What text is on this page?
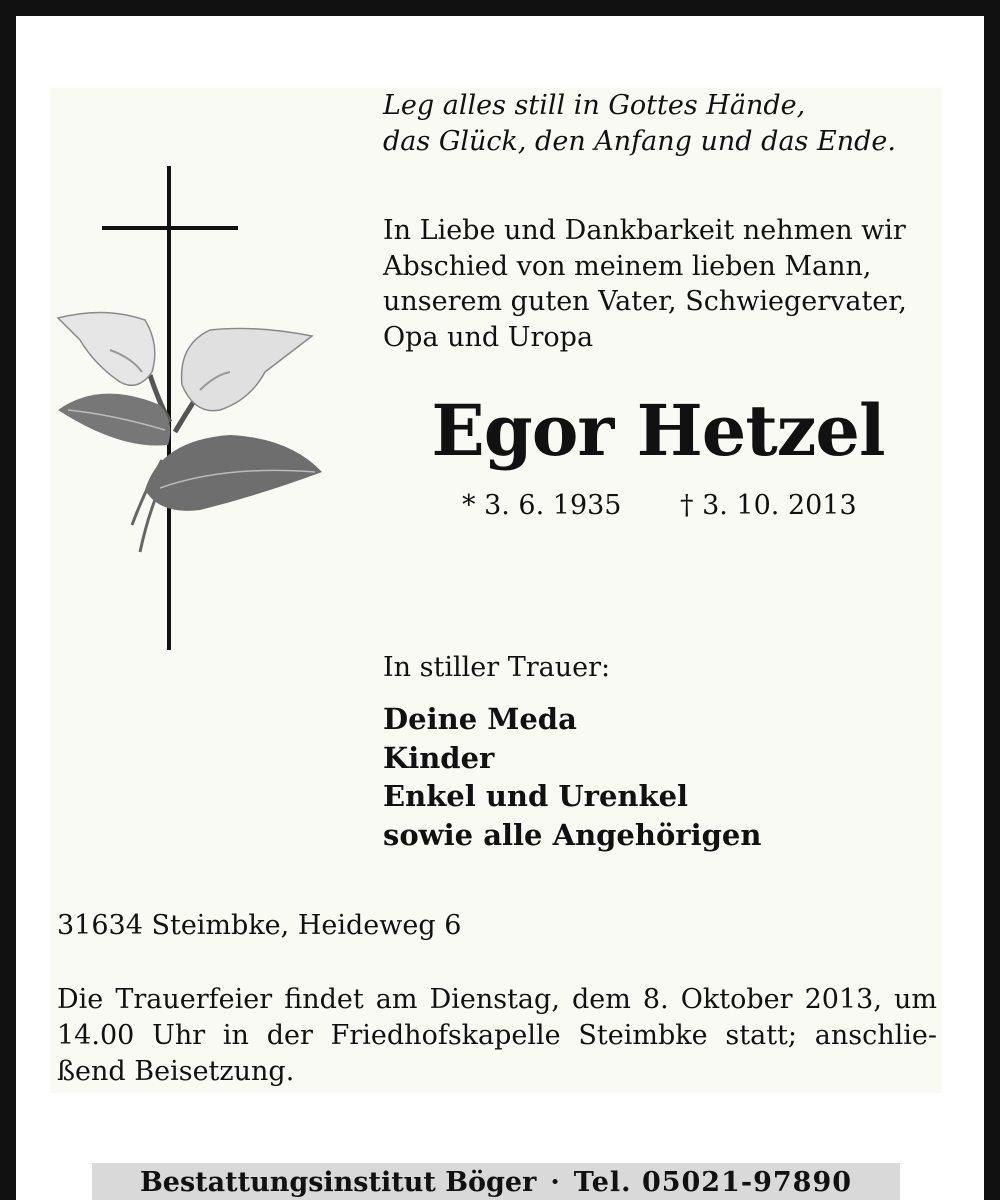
Leg alles still in Gottes Hände,
das Glück, den Anfang und das Ende.
In Liebe und Dankbarkeit nehmen wir
Abschied von meinem lieben Mann,
unserem guten Vater, Schwiegervater,
Opa und Uropa
Egor Hetzel
* 3. 6. 1935 † 3. 10. 2013
In stiller Trauer:
Deine Meda
Kinder
Enkel und Urenkel
sowie alle Angehörigen
31634 Steimbke, Heideweg 6
Die Trauerfeier findet am Dienstag, dem 8. Oktober 2013, um
14.00 Uhr in der Friedhofskapelle Steimbke statt; anschlie-
ßend Beisetzung.
Bestattungsinstitut Böger · Tel. 05021-97890
